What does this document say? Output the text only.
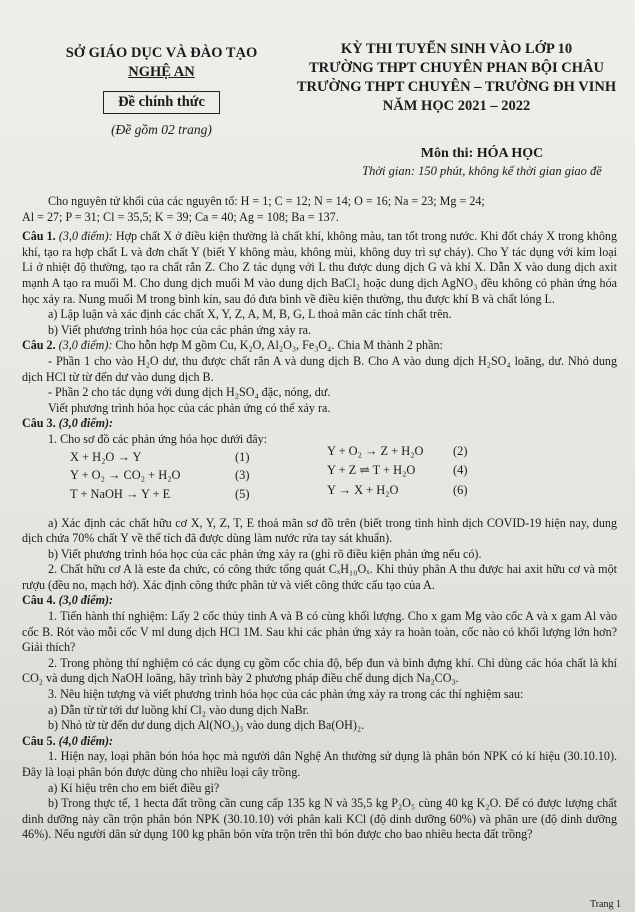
SỞ GIÁO DỤC VÀ ĐÀO TẠO
NGHỆ AN
Đề chính thức
(Đề gồm 02 trang)
KỲ THI TUYỂN SINH VÀO LỚP 10
TRƯỜNG THPT CHUYÊN PHAN BỘI CHÂU
TRƯỜNG THPT CHUYÊN – TRƯỜNG ĐH VINH
NĂM HỌC 2021 – 2022
Môn thi: HÓA HỌC
Thời gian: 150 phút, không kể thời gian giao đề

Cho nguyên tử khối của các nguyên tố: H = 1; C = 12; N = 14; O = 16; Na = 23; Mg = 24;

Al = 27; P = 31; Cl = 35,5; K = 39; Ca = 40; Ag = 108; Ba = 137.

Câu 1. (3,0 điểm): Hợp chất X ở điều kiện thường là chất khí, không màu, tan tốt trong nước. Khi đốt cháy X trong không khí, tạo ra hợp chất L và đơn chất Y (biết Y không màu, không mùi, không duy trì sự cháy). Cho Y tác dụng với kim loại Li ở nhiệt độ thường, tạo ra chất rắn Z. Cho Z tác dụng với L thu được dung dịch G và khí X. Dẫn X vào dung dịch axit mạnh A tạo ra muối M. Cho dung dịch muối M vào dung dịch BaCl₂ hoặc dung dịch AgNO₃ đều không có phản ứng hóa học xảy ra. Nung muối M trong bình kín, sau đó đưa bình về điều kiện thường, thu được khí B và chất lỏng L.

a) Lập luận và xác định các chất X, Y, Z, A, M, B, G, L thoả mãn các tính chất trên.

b) Viết phương trình hóa học của các phản ứng xảy ra.

Câu 2. (3,0 điểm): Cho hỗn hợp M gồm Cu, K₂O, Al₂O₃, Fe₃O₄. Chia M thành 2 phần:

- Phần 1 cho vào H₂O dư, thu được chất rắn A và dung dịch B. Cho A vào dung dịch H₂SO₄ loãng, dư. Nhỏ dung dịch HCl từ từ đến dư vào dung dịch B.

- Phần 2 cho tác dụng với dung dịch H₂SO₄ đặc, nóng, dư.

Viết phương trình hóa học của các phản ứng có thể xảy ra.

Câu 3. (3,0 điểm):

1. Cho sơ đồ các phản ứng hóa học dưới đây:

X + H₂O → Y	(1)	Y + O₂ → Z + H₂O (2)
Y + O₂ → CO₂ + H₂O	(3)	Y + Z ⇌ T + H₂O	(4)
T + NaOH → Y + E	(5)	Y → X + H₂O	(6)

a) Xác định các chất hữu cơ X, Y, Z, T, E thoả mãn sơ đồ trên (biết trong tình hình dịch COVID-19 hiện nay, dung dịch chứa 70% chất Y về thể tích đã được dùng làm nước rửa tay sát khuẩn).

b) Viết phương trình hóa học của các phản ứng xảy ra (ghi rõ điều kiện phản ứng nếu có).

2. Chất hữu cơ A là este đa chức, có công thức tổng quát CₓH₁₀Oₓ. Khi thủy phân A thu được hai axit hữu cơ và một rượu (đều no, mạch hở). Xác định công thức phân tử và viết công thức cấu tạo của A.

Câu 4. (3,0 điểm):

1. Tiến hành thí nghiệm: Lấy 2 cốc thủy tinh A và B có cùng khối lượng. Cho x gam Mg vào cốc A và x gam Al vào cốc B. Rót vào mỗi cốc V ml dung dịch HCl 1M. Sau khi các phản ứng xảy ra hoàn toàn, cốc nào có khối lượng lớn hơn? Giải thích?

2. Trong phòng thí nghiệm có các dụng cụ gồm cốc chia độ, bếp đun và bình đựng khí. Chỉ dùng các hóa chất là khí CO₂ và dung dịch NaOH loãng, hãy trình bày 2 phương pháp điều chế dung dịch Na₂CO₃.

3. Nêu hiện tượng và viết phương trình hóa học của các phản ứng xảy ra trong các thí nghiệm sau:

a) Dẫn từ từ tới dư luồng khí Cl₂ vào dung dịch NaBr.

b) Nhỏ từ từ đến dư dung dịch Al(NO₃)₃ vào dung dịch Ba(OH)₂.

Câu 5. (4,0 điểm):

1. Hiện nay, loại phân bón hóa học mà người dân Nghệ An thường sử dụng là phân bón NPK có kí hiệu (30.10.10). Đây là loại phân bón được dùng cho nhiều loại cây trồng.

a) Kí hiệu trên cho em biết điều gì?

b) Trong thực tế, 1 hecta đất trồng cần cung cấp 135 kg N và 35,5 kg P₂O₅ cùng 40 kg K₂O. Để có được lượng chất dinh dưỡng này cần trộn phân bón NPK (30.10.10) với phân kali KCl (độ dinh dưỡng 60%) và phân ure (độ dinh dưỡng 46%). Nếu người dân sử dụng 100 kg phân bón vừa trộn trên thì bón được cho bao nhiêu hecta đất trồng?

Trang 1
